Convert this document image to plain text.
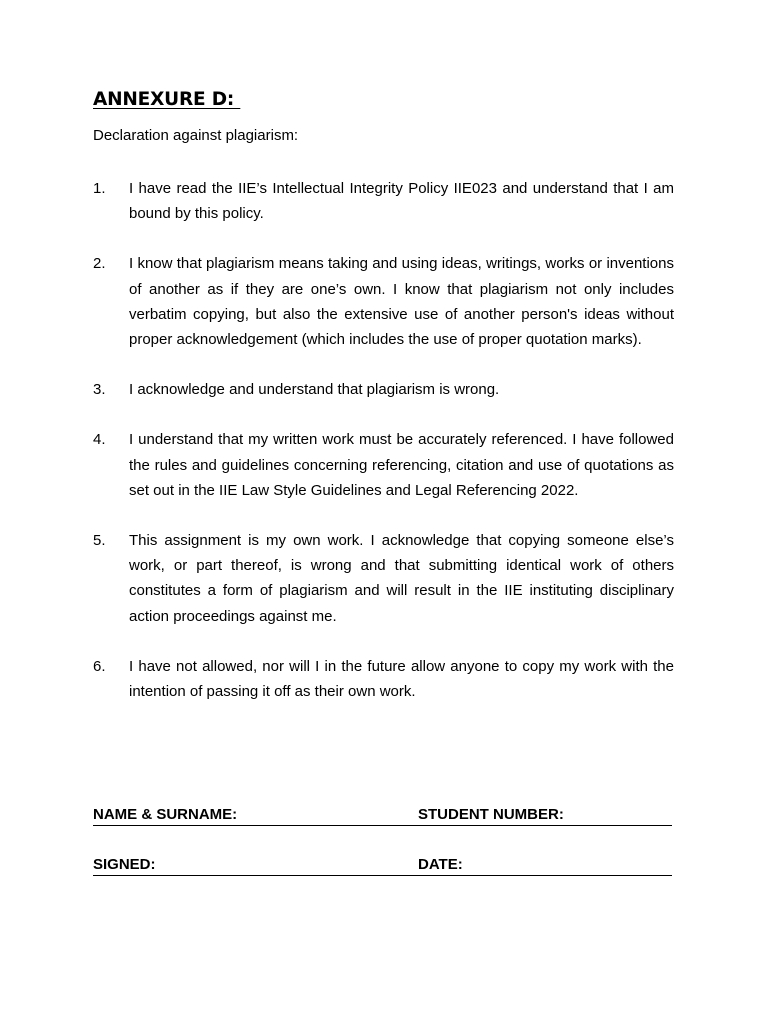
ANNEXURE D:
Declaration against plagiarism:
1. I have read the IIE’s Intellectual Integrity Policy IIE023 and understand that I am bound by this policy.
2. I know that plagiarism means taking and using ideas, writings, works or inventions of another as if they are one’s own. I know that plagiarism not only includes verbatim copying, but also the extensive use of another person's ideas without proper acknowledgement (which includes the use of proper quotation marks).
3. I acknowledge and understand that plagiarism is wrong.
4. I understand that my written work must be accurately referenced. I have followed the rules and guidelines concerning referencing, citation and use of quotations as set out in the IIE Law Style Guidelines and Legal Referencing 2022.
5. This assignment is my own work. I acknowledge that copying someone else’s work, or part thereof, is wrong and that submitting identical work of others constitutes a form of plagiarism and will result in the IIE instituting disciplinary action proceedings against me.
6. I have not allowed, nor will I in the future allow anyone to copy my work with the intention of passing it off as their own work.
NAME & SURNAME:	STUDENT NUMBER:
SIGNED:	DATE:
